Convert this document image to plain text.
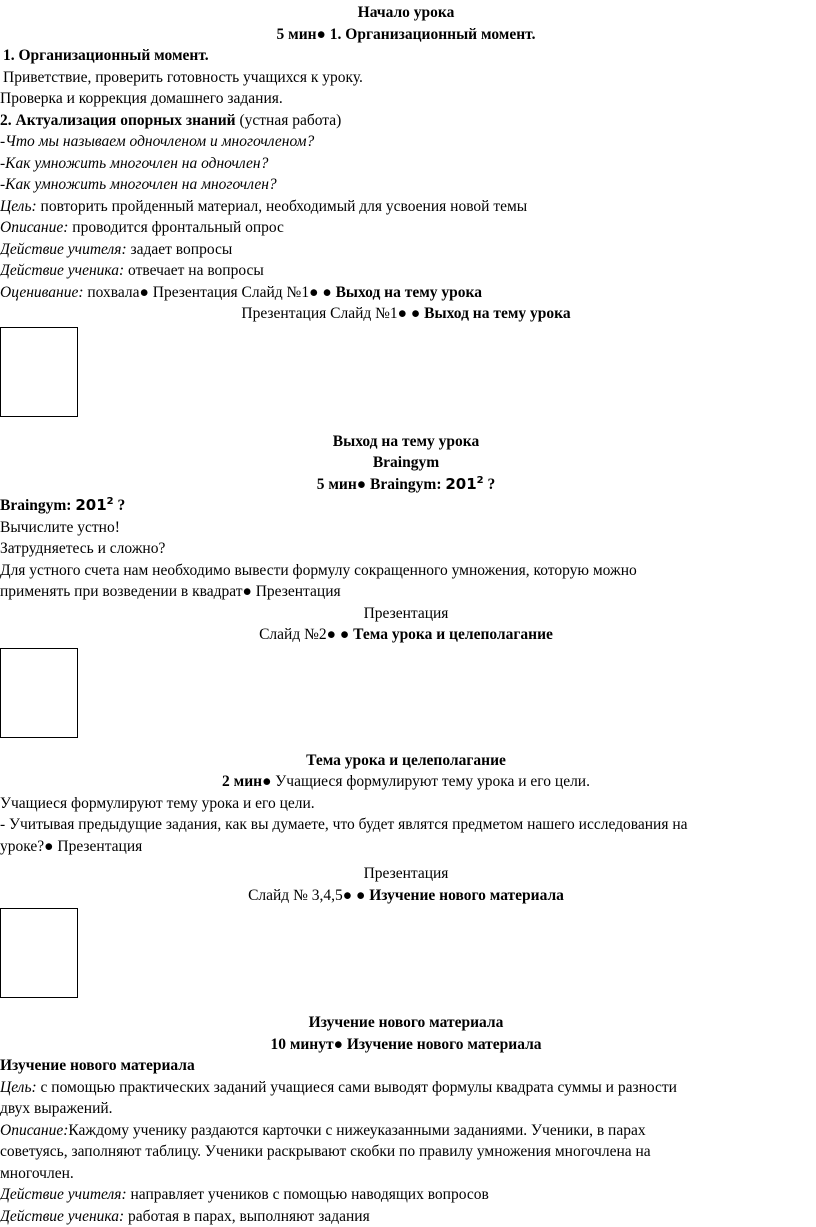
Начало урока
5 мин● 1. Организационный момент.
1. Организационный момент.
Приветствие, проверить готовность учащихся к уроку.
Проверка и коррекция домашнего задания.
2. Актуализация опорных знаний (устная работа)
-Что мы называем одночленом и многочленом?
-Как умножить многочлен на одночлен?
-Как умножить многочлен на многочлен?
Цель: повторить пройденный материал, необходимый для усвоения новой темы
Описание: проводится фронтальный опрос
Действие учителя: задает вопросы
Действие ученика: отвечает на вопросы
Оценивание: похвала● Презентация Слайд №1● ● Выход на тему урока
Презентация Слайд №1● ● Выход на тему урока
Выход на тему урока
Braingym
5 мин● Braingym: $201^2$ ?
Braingym: $201^2$ ?
Вычислите устно!
Затрудняетесь и сложно?
Для устного счета нам необходимо вывести формулу сокращенного умножения, которую можно
применять при возведении в квадрат● Презентация
Презентация
Слайд №2● ● Тема урока и целеполагание
Тема урока и целеполагание
2 мин● Учащиеся формулируют тему урока и его цели.
Учащиеся формулируют тему урока и его цели.
- Учитывая предыдущие задания, как вы думаете, что будет являтся предметом нашего исследования на
уроке?● Презентация
Презентация
Слайд № 3,4,5● ● Изучение нового материала
Изучение нового материала
10 минут● Изучение нового материала
Изучение нового материала
Цель: с помощью практических заданий учащиеся сами выводят формулы квадрата суммы и разности
двух выражений.
Описание:Каждому ученику раздаются карточки с нижеуказанными заданиями. Ученики, в парах
советуясь, заполняют таблицу. Ученики раскрывают скобки по правилу умножения многочлена на
многочлен.
Действие учителя: направляет учеников с помощью наводящих вопросов
Действие ученика: работая в парах, выполняют задания
